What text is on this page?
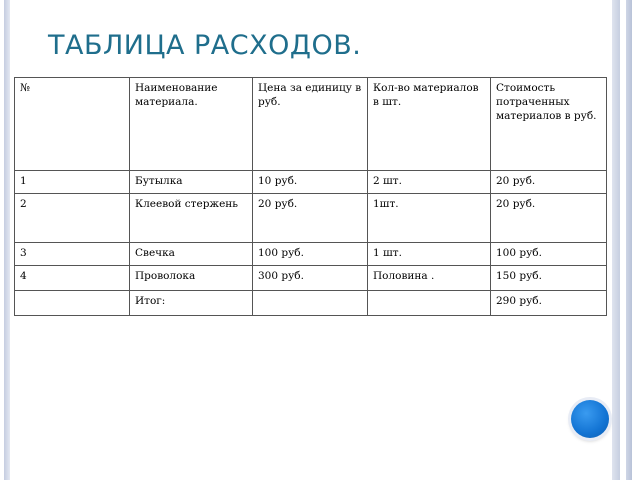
ТАБЛИЦА РАСХОДОВ.
№	Наименование материала.	Цена за единицу в руб.	Кол-во материалов в шт.	Стоимость потраченных материалов в руб.
1	Бутылка	10 руб.	2 шт.	20 руб.
2	Клеевой стержень	20 руб.	1шт.	20 руб.
3	Свечка	100 руб.	1 шт.	100 руб.
4	Проволока	300 руб.	Половина .	150 руб.
	Итог:			290 руб.
